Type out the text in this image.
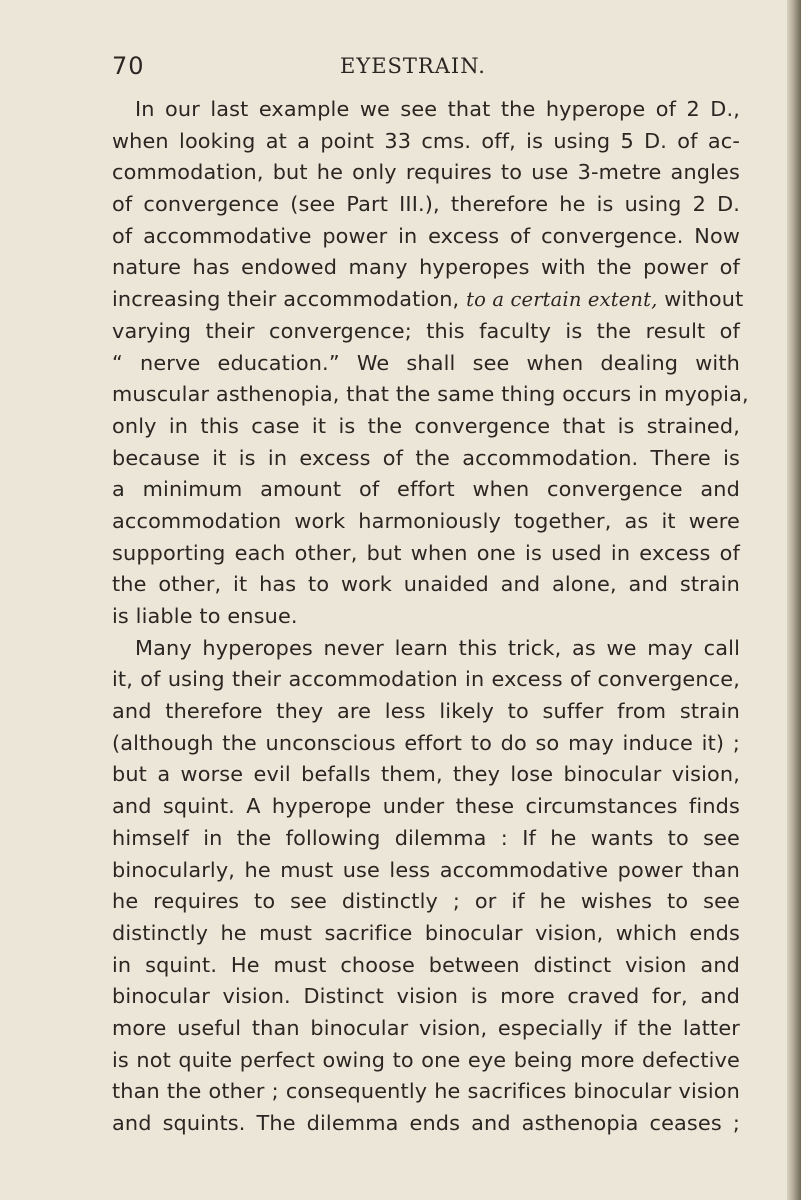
70	EYESTRAIN.
In our last example we see that the hyperope of 2 D.,
when looking at a point 33 cms. off, is using 5 D. of ac-
commodation, but he only requires to use 3-metre angles
of convergence (see Part III.), therefore he is using 2 D.
of accommodative power in excess of convergence. Now
nature has endowed many hyperopes with the power of
increasing their accommodation, to a certain extent, without
varying their convergence; this faculty is the result of
“ nerve education.” We shall see when dealing with
muscular asthenopia, that the same thing occurs in myopia,
only in this case it is the convergence that is strained,
because it is in excess of the accommodation. There is
a minimum amount of effort when convergence and
accommodation work harmoniously together, as it were
supporting each other, but when one is used in excess of
the other, it has to work unaided and alone, and strain
is liable to ensue.
Many hyperopes never learn this trick, as we may call
it, of using their accommodation in excess of convergence,
and therefore they are less likely to suffer from strain
(although the unconscious effort to do so may induce it) ;
but a worse evil befalls them, they lose binocular vision,
and squint. A hyperope under these circumstances finds
himself in the following dilemma : If he wants to see
binocularly, he must use less accommodative power than
he requires to see distinctly ; or if he wishes to see
distinctly he must sacrifice binocular vision, which ends
in squint. He must choose between distinct vision and
binocular vision. Distinct vision is more craved for, and
more useful than binocular vision, especially if the latter
is not quite perfect owing to one eye being more defective
than the other ; consequently he sacrifices binocular vision
and squints. The dilemma ends and asthenopia ceases ;
